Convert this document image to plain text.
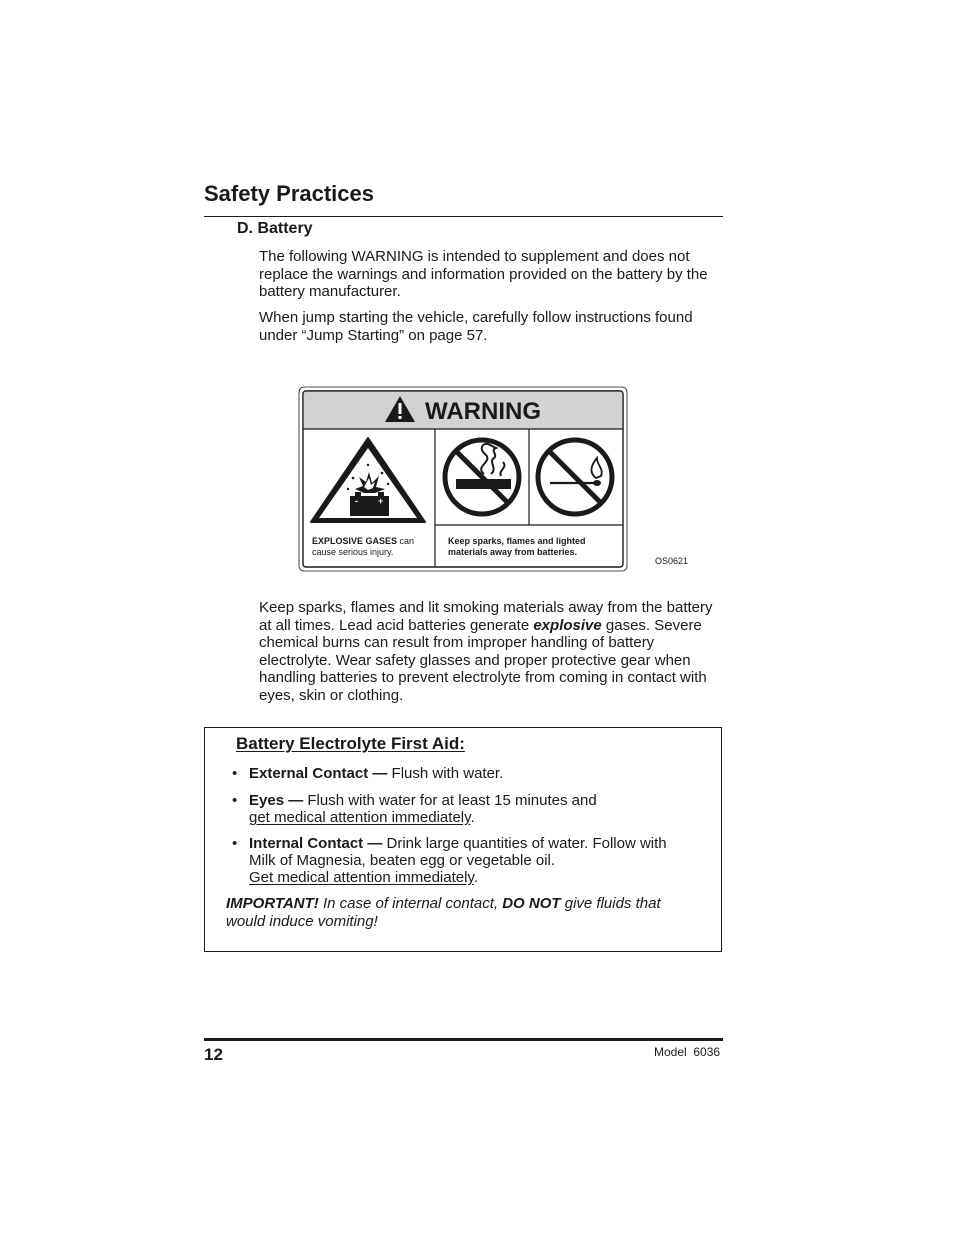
Safety Practices
D. Battery
The following WARNING is intended to supplement and does not replace the warnings and information provided on the battery by the battery manufacturer.
When jump starting the vehicle, carefully follow instructions found under “Jump Starting” on page 57.
WARNING
- +
EXPLOSIVE GASES can
cause serious injury.
Keep sparks, flames and lighted
materials away from batteries.
OS0621
Keep sparks, flames and lit smoking materials away from the battery at all times. Lead acid batteries generate explosive gases. Severe chemical burns can result from improper handling of battery electrolyte. Wear safety glasses and proper protective gear when handling batteries to prevent electrolyte from coming in contact with eyes, skin or clothing.
Battery Electrolyte First Aid:
• External Contact — Flush with water.
• Eyes — Flush with water for at least 15 minutes and
get medical attention immediately.
• Internal Contact — Drink large quantities of water. Follow with Milk of Magnesia, beaten egg or vegetable oil.
Get medical attention immediately.
IMPORTANT! In case of internal contact, DO NOT give fluids that would induce vomiting!
12	Model  6036
